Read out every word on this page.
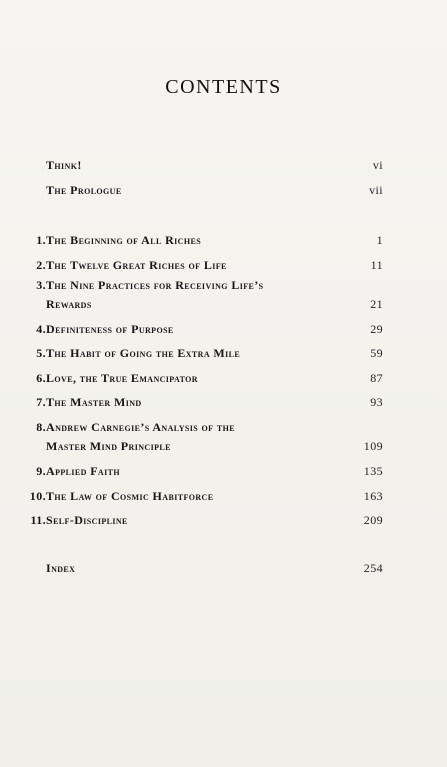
CONTENTS
Think!	vi
The Prologue	vii
1. The Beginning of All Riches	1
2. The Twelve Great Riches of Life	11
3. The Nine Practices for Receiving Life’s
Rewards	21
4. Definiteness of Purpose	29
5. The Habit of Going the Extra Mile	59
6. Love, the True Emancipator	87
7. The Master Mind	93
8. Andrew Carnegie’s Analysis of the
Master Mind Principle	109
9. Applied Faith	135
10. The Law of Cosmic Habitforce	163
11. Self-Discipline	209
Index	254
